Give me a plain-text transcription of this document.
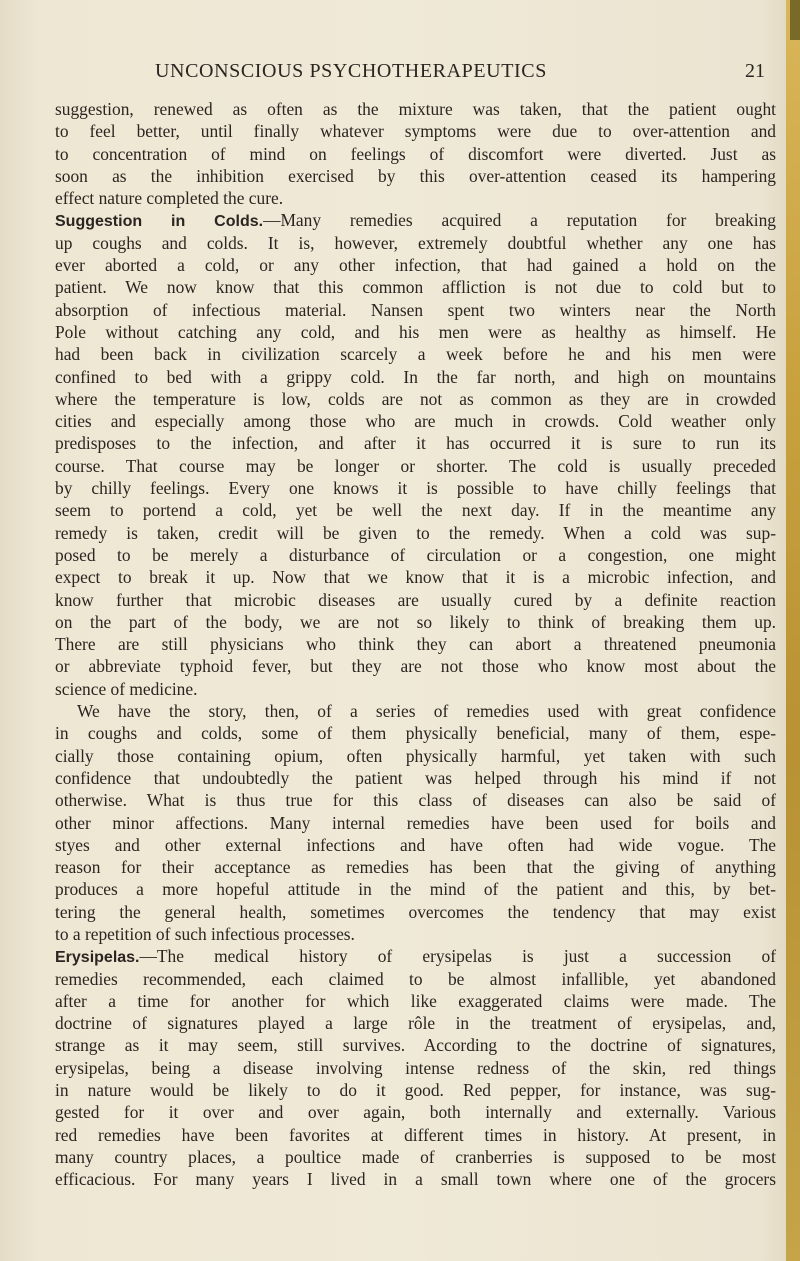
UNCONSCIOUS PSYCHOTHERAPEUTICS	21
suggestion, renewed as often as the mixture was taken, that the patient ought
to feel better, until finally whatever symptoms were due to over-attention and
to concentration of mind on feelings of discomfort were diverted. Just as
soon as the inhibition exercised by this over-attention ceased its hampering
effect nature completed the cure.
Suggestion in Colds.—Many remedies acquired a reputation for breaking
up coughs and colds. It is, however, extremely doubtful whether any one has
ever aborted a cold, or any other infection, that had gained a hold on the
patient. We now know that this common affliction is not due to cold but to
absorption of infectious material. Nansen spent two winters near the North
Pole without catching any cold, and his men were as healthy as himself. He
had been back in civilization scarcely a week before he and his men were
confined to bed with a grippy cold. In the far north, and high on mountains
where the temperature is low, colds are not as common as they are in crowded
cities and especially among those who are much in crowds. Cold weather only
predisposes to the infection, and after it has occurred it is sure to run its
course. That course may be longer or shorter. The cold is usually preceded
by chilly feelings. Every one knows it is possible to have chilly feelings that
seem to portend a cold, yet be well the next day. If in the meantime any
remedy is taken, credit will be given to the remedy. When a cold was sup-
posed to be merely a disturbance of circulation or a congestion, one might
expect to break it up. Now that we know that it is a microbic infection, and
know further that microbic diseases are usually cured by a definite reaction
on the part of the body, we are not so likely to think of breaking them up.
There are still physicians who think they can abort a threatened pneumonia
or abbreviate typhoid fever, but they are not those who know most about the
science of medicine.
We have the story, then, of a series of remedies used with great confidence
in coughs and colds, some of them physically beneficial, many of them, espe-
cially those containing opium, often physically harmful, yet taken with such
confidence that undoubtedly the patient was helped through his mind if not
otherwise. What is thus true for this class of diseases can also be said of
other minor affections. Many internal remedies have been used for boils and
styes and other external infections and have often had wide vogue. The
reason for their acceptance as remedies has been that the giving of anything
produces a more hopeful attitude in the mind of the patient and this, by bet-
tering the general health, sometimes overcomes the tendency that may exist
to a repetition of such infectious processes.
Erysipelas.—The medical history of erysipelas is just a succession of
remedies recommended, each claimed to be almost infallible, yet abandoned
after a time for another for which like exaggerated claims were made. The
doctrine of signatures played a large rôle in the treatment of erysipelas, and,
strange as it may seem, still survives. According to the doctrine of signatures,
erysipelas, being a disease involving intense redness of the skin, red things
in nature would be likely to do it good. Red pepper, for instance, was sug-
gested for it over and over again, both internally and externally. Various
red remedies have been favorites at different times in history. At present, in
many country places, a poultice made of cranberries is supposed to be most
efficacious. For many years I lived in a small town where one of the grocers
